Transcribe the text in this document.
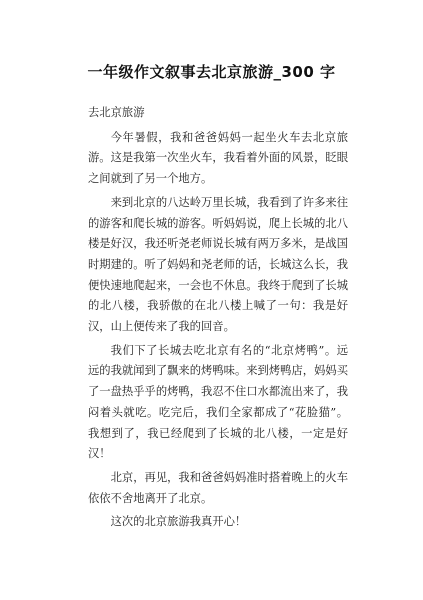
一年级作文叙事去北京旅游_300 字
去北京旅游

今年暑假，我和爸爸妈妈一起坐火车去北京旅游。这是我第一次坐火车，我看着外面的风景，眨眼之间就到了另一个地方。

来到北京的八达岭万里长城，我看到了许多来往的游客和爬长城的游客。听妈妈说，爬上长城的北八楼是好汉，我还听尧老师说长城有两万多米，是战国时期建的。听了妈妈和尧老师的话，长城这么长，我便快速地爬起来，一会也不休息。我终于爬到了长城的北八楼，我骄傲的在北八楼上喊了一句：我是好汉，山上便传来了我的回音。

我们下了长城去吃北京有名的“北京烤鸭”。远远的我就闻到了飘来的烤鸭味。来到烤鸭店，妈妈买了一盘热乎乎的烤鸭，我忍不住口水都流出来了，我闷着头就吃。吃完后，我们全家都成了“花脸猫”。我想到了，我已经爬到了长城的北八楼，一定是好汉！

北京，再见，我和爸爸妈妈准时搭着晚上的火车依依不舍地离开了北京。

这次的北京旅游我真开心！
